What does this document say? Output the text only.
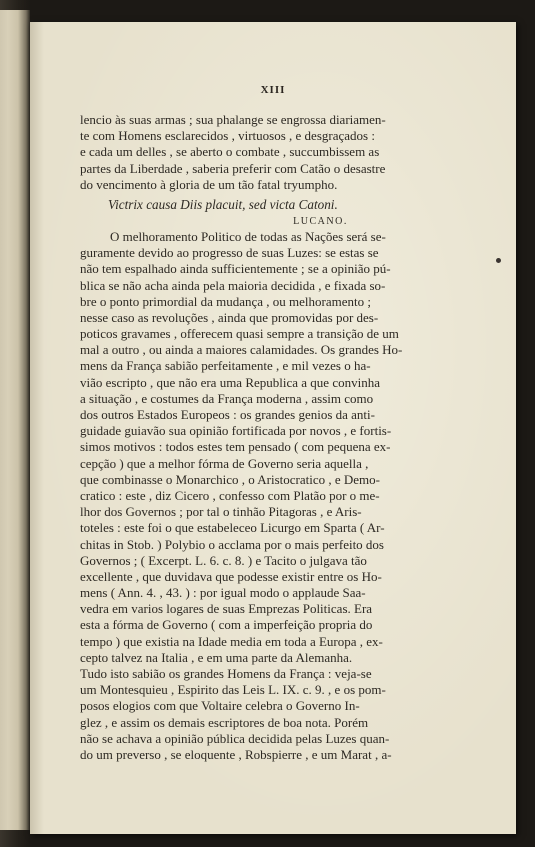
XIII
lencio às suas armas ; sua phalange se engrossa diariamen-
te com Homens esclarecidos , virtuosos , e desgraçados :
e cada um delles , se aberto o combate , succumbissem as
partes da Liberdade , saberia preferir com Catão o desastre
do vencimento à gloria de um tão fatal tryumpho.
Victrix causa Diis placuit, sed victa Catoni.
LUCANO.
O melhoramento Politico de todas as Nações será se-
guramente devido ao progresso de suas Luzes: se estas se
não tem espalhado ainda sufficientemente ; se a opinião pú-
blica se não acha ainda pela maioria decidida , e fixada so-
bre o ponto primordial da mudança , ou melhoramento ;
nesse caso as revoluções , ainda que promovidas por des-
poticos gravames , offerecem quasi sempre a transição de um
mal a outro , ou ainda a maiores calamidades. Os grandes Ho-
mens da França sabião perfeitamente , e mil vezes o ha-
vião escripto , que não era uma Republica a que convinha
a situação , e costumes da França moderna , assim como
dos outros Estados Europeos : os grandes genios da anti-
guidade guiavão sua opinião fortificada por novos , e fortis-
simos motivos : todos estes tem pensado ( com pequena ex-
cepção ) que a melhor fórma de Governo seria aquella ,
que combinasse o Monarchico , o Aristocratico , e Demo-
cratico : este , diz Cicero , confesso com Platão por o me-
lhor dos Governos ; por tal o tinhão Pitagoras , e Aris-
toteles : este foi o que estabeleceo Licurgo em Sparta ( Ar-
chitas in Stob. ) Polybio o acclama por o mais perfeito dos
Governos ; ( Excerpt. L. 6. c. 8. ) e Tacito o julgava tão
excellente , que duvidava que podesse existir entre os Ho-
mens ( Ann. 4. , 43. ) : por igual modo o applaude Saa-
vedra em varios logares de suas Emprezas Politicas. Era
esta a fórma de Governo ( com a imperfeição propria do
tempo ) que existia na Idade media em toda a Europa , ex-
cepto talvez na Italia , e em uma parte da Alemanha.
Tudo isto sabião os grandes Homens da França : veja-se
um Montesquieu , Espirito das Leis L. IX. c. 9. , e os pom-
posos elogios com que Voltaire celebra o Governo In-
glez , e assim os demais escriptores de boa nota. Porém
não se achava a opinião pública decidida pelas Luzes quan-
do um preverso , se eloquente , Robspierre , e um Marat , a-
